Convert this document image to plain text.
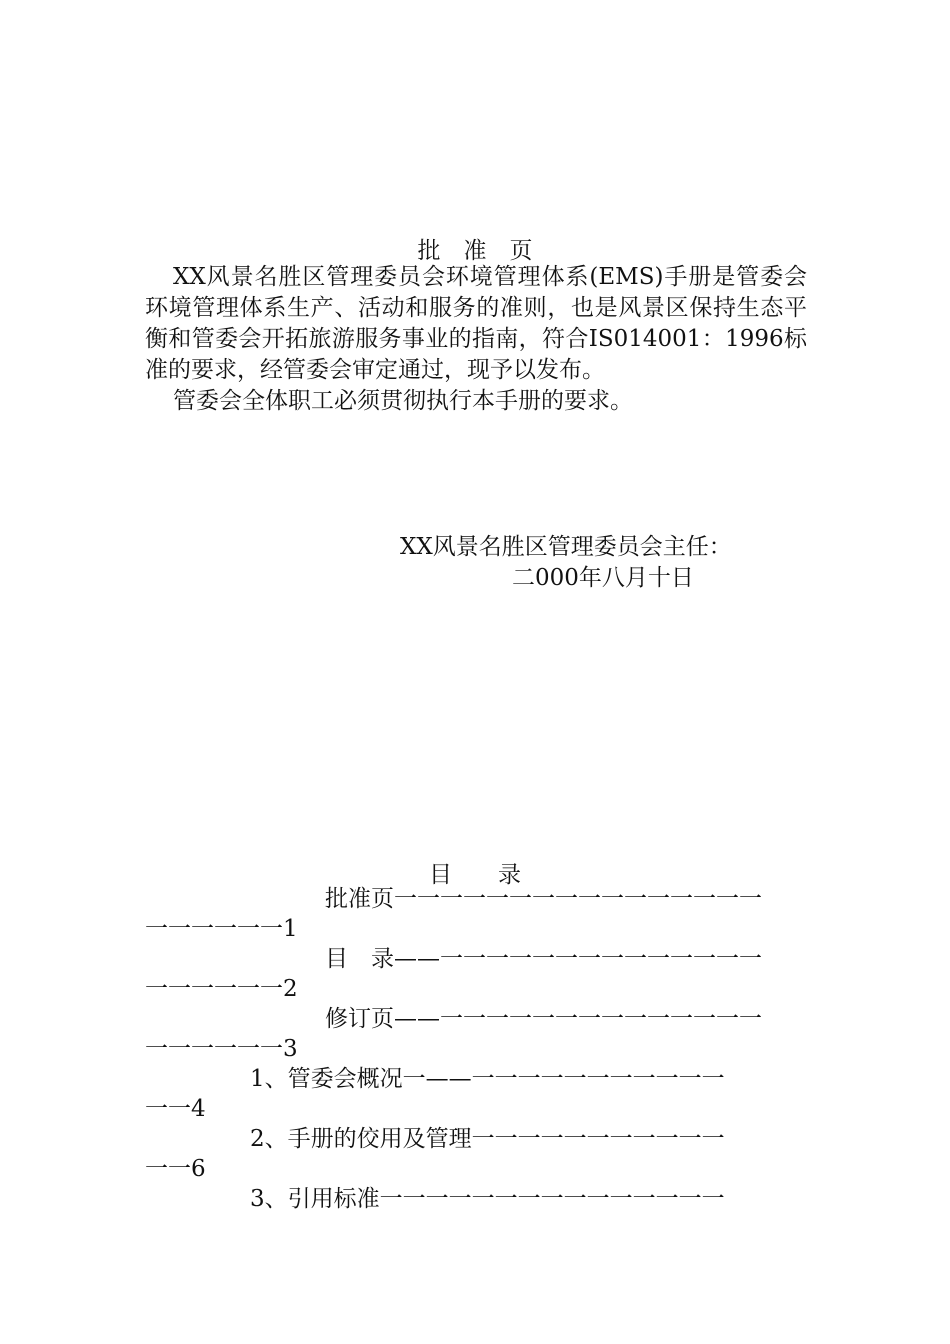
批　准　页

XX风景名胜区管理委员会环境管理体系(EMS)手册是管委会环境管理体系生产、活动和服务的准则，也是风景区保持生态平衡和管委会开拓旅游服务事业的指南，符合IS014001：1996标准的要求，经管委会审定通过，现予以发布。

管委会全体职工必须贯彻执行本手册的要求。

XX风景名胜区管理委员会主任：
二000年八月十日
目　　录
批准页一一一一一一一一一一一一一一一一
一一一一一一1
目　录——一一一一一一一一一一一一一一
一一一一一一2
修订页——一一一一一一一一一一一一一一
一一一一一一3
1、管委会概况一——一一一一一一一一一一一
一一4
2、手册的佼用及管理一一一一一一一一一一一
一一6
3、引用标准一一一一一一一一一一一一一一一
